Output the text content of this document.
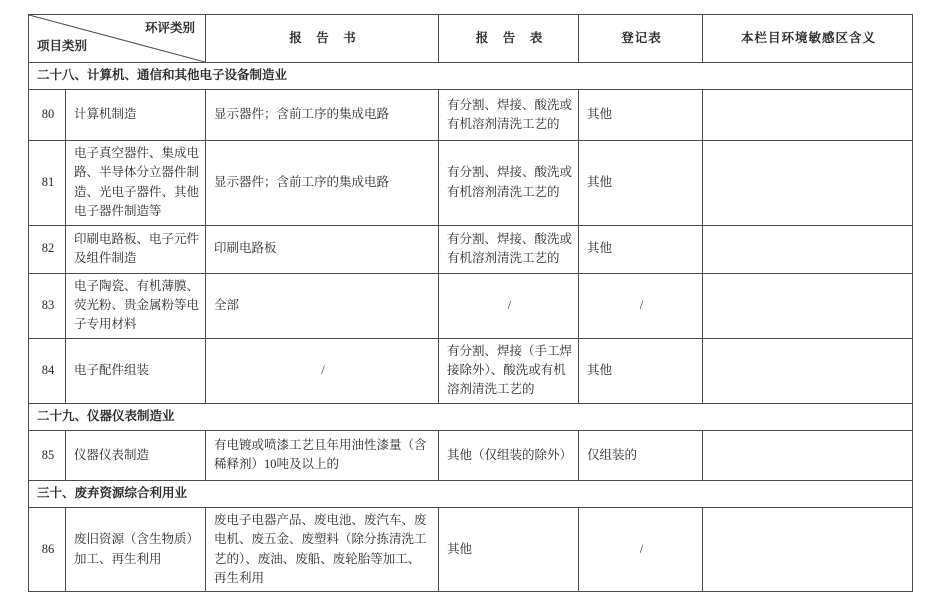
环评类别
项目类别		报　告　书	报　告　表	登记表	本栏目环境敏感区含义
二十八、计算机、通信和其他电子设备制造业					
80	计算机制造	显示器件；含前工序的集成电路	有分割、焊接、酸洗或有机溶剂清洗工艺的	其他	
81	电子真空器件、集成电路、半导体分立器件制造、光电子器件、其他电子器件制造等	显示器件；含前工序的集成电路	有分割、焊接、酸洗或有机溶剂清洗工艺的	其他	
82	印刷电路板、电子元件及组件制造	印刷电路板	有分割、焊接、酸洗或有机溶剂清洗工艺的	其他	
83	电子陶瓷、有机薄膜、荧光粉、贵金属粉等电子专用材料	全部	/	/	
84	电子配件组装	/	有分割、焊接（手工焊接除外）、酸洗或有机溶剂清洗工艺的	其他	
二十九、仪器仪表制造业					
85	仪器仪表制造	有电镀或喷漆工艺且年用油性漆量（含稀释剂）10吨及以上的	其他（仅组装的除外）	仅组装的	
三十、废弃资源综合利用业					
86	废旧资源（含生物质）加工、再生利用	废电子电器产品、废电池、废汽车、废电机、废五金、废塑料（除分拣清洗工艺的）、废油、废船、废轮胎等加工、再生利用	其他	/	
